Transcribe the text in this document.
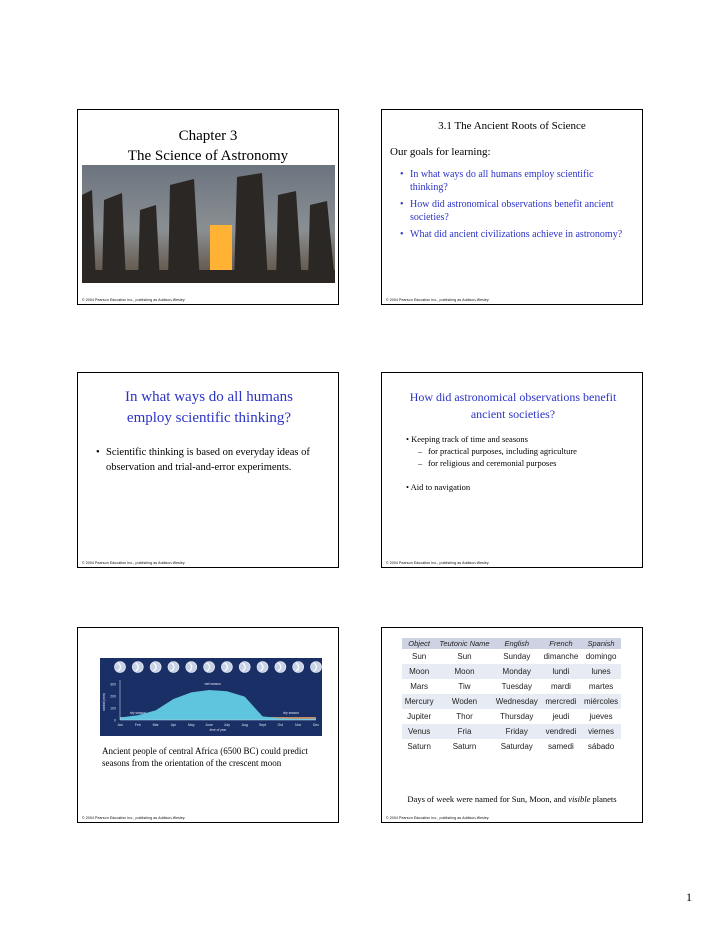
Chapter 3
The Science of Astronomy
© 2004 Pearson Education Inc., publishing as Addison-Wesley
3.1 The Ancient Roots of Science
Our goals for learning:
• In what ways do all humans employ scientific thinking?
• How did astronomical observations benefit ancient societies?
• What did ancient civilizations achieve in astronomy?
© 2004 Pearson Education Inc., publishing as Addison-Wesley
In what ways do all humans employ scientific thinking?
• Scientific thinking is based on everyday ideas of observation and trial-and-error experiments.
© 2004 Pearson Education Inc., publishing as Addison-Wesley
How did astronomical observations benefit ancient societies?
• Keeping track of time and seasons
– for practical purposes, including agriculture
– for religious and ceremonial purposes
• Aid to navigation
© 2004 Pearson Education Inc., publishing as Addison-Wesley
0
100
200
300
Jan	Feb	Mar	Apr	May	June	July	Aug	Sept	Oct	Nov	Dec
time of year
rainfall (mm)
wet season
dry season	dry season
Ancient people of central Africa (6500 BC) could predict seasons from the orientation of the crescent moon
© 2004 Pearson Education Inc., publishing as Addison-Wesley
Object	Teutonic Name	English	French	Spanish
Sun	Sun	Sunday	dimanche	domingo
Moon	Moon	Monday	lundi	lunes
Mars	Tiw	Tuesday	mardi	martes
Mercury	Woden	Wednesday	mercredi	miércoles
Jupiter	Thor	Thursday	jeudi	jueves
Venus	Fria	Friday	vendredi	viernes
Saturn	Saturn	Saturday	samedi	sábado
Days of week were named for Sun, Moon, and visible planets
© 2004 Pearson Education Inc., publishing as Addison-Wesley
1
